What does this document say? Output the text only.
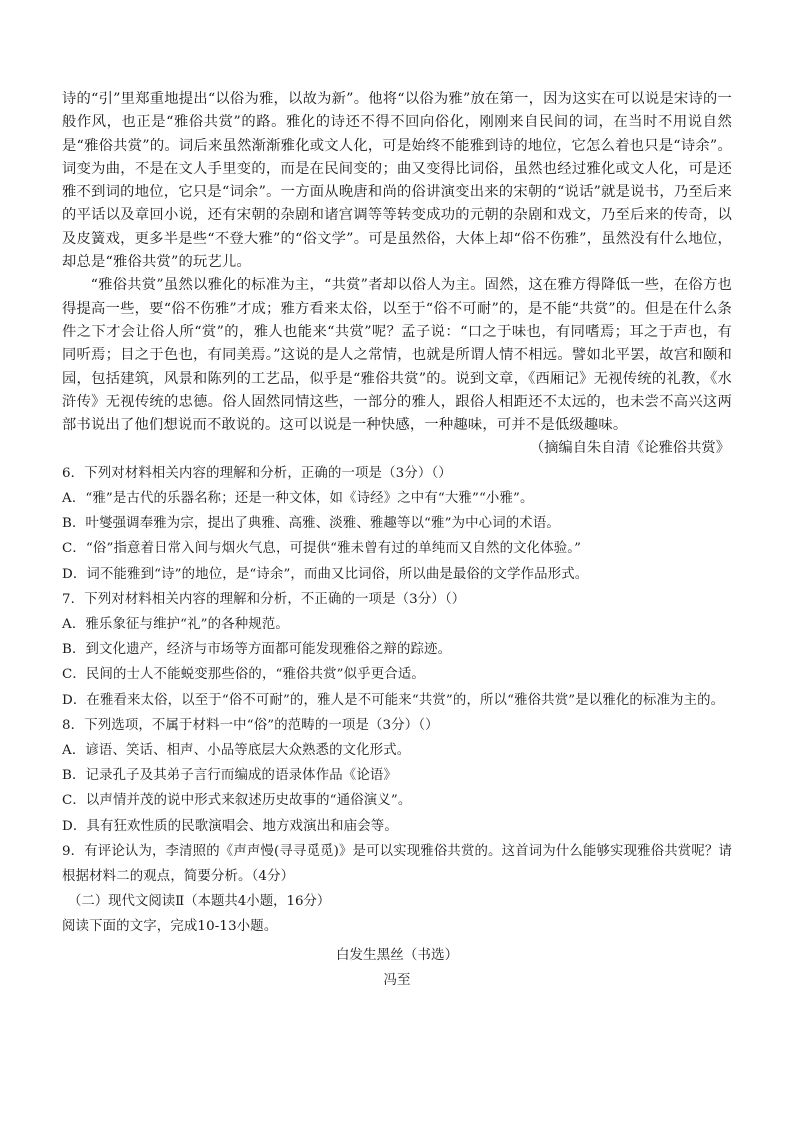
诗的“引”里郑重地提出“以俗为雅，以故为新”。他将“以俗为雅”放在第一，因为这实在可以说是宋诗的一般作风，也正是“雅俗共赏”的路。雅化的诗还不得不回向俗化，刚刚来自民间的词，在当时不用说自然是“雅俗共赏”的。词后来虽然渐渐雅化或文人化，可是始终不能雅到诗的地位，它怎么着也只是“诗余”。词变为曲，不是在文人手里变的，而是在民间变的；曲又变得比词俗，虽然也经过雅化或文人化，可是还雅不到词的地位，它只是“词余”。一方面从晚唐和尚的俗讲演变出来的宋朝的“说话”就是说书，乃至后来的平话以及章回小说，还有宋朝的杂剧和诸宫调等等转变成功的元朝的杂剧和戏文，乃至后来的传奇，以及皮簧戏，更多半是些“不登大雅”的“俗文学”。可是虽然俗，大体上却“俗不伤雅”，虽然没有什么地位，却总是“雅俗共赏”的玩艺儿。

“雅俗共赏”虽然以雅化的标准为主，“共赏”者却以俗人为主。固然，这在雅方得降低一些，在俗方也得提高一些，要“俗不伤雅”才成；雅方看来太俗，以至于“俗不可耐”的，是不能“共赏”的。但是在什么条件之下才会让俗人所“赏”的，雅人也能来“共赏”呢？孟子说：“口之于味也，有同嗜焉；耳之于声也，有同听焉；目之于色也，有同美焉。”这说的是人之常情，也就是所谓人情不相远。譬如北平罢，故宫和颐和园，包括建筑，风景和陈列的工艺品，似乎是“雅俗共赏”的。说到文章，《西厢记》无视传统的礼教，《水浒传》无视传统的忠德。俗人固然同情这些，一部分的雅人，跟俗人相距还不太远的，也未尝不高兴这两部书说出了他们想说而不敢说的。这可以说是一种快感，一种趣味，可并不是低级趣味。

（摘编自朱自清《论雅俗共赏》

6．下列对材料相关内容的理解和分析，正确的一项是（3分）（）

A．“雅”是古代的乐器名称；还是一种文体，如《诗经》之中有“大雅”“小雅”。

B．叶燮强调奉雅为宗，提出了典雅、高雅、淡雅、雅趣等以“雅”为中心词的术语。

C．“俗”指意着日常入间与烟火气息，可提供“雅未曾有过的单纯而又自然的文化体验。”

D．词不能雅到“诗”的地位，是“诗余”，而曲又比词俗，所以曲是最俗的文学作品形式。

7．下列对材料相关内容的理解和分析，不正确的一项是（3分）（）

A．雅乐象征与维护“礼”的各种规范。

B．到文化遗产，经济与市场等方面都可能发现雅俗之辩的踪迹。

C．民间的士人不能蜕变那些俗的，“雅俗共赏”似乎更合适。

D．在雅看来太俗，以至于“俗不可耐”的，雅人是不可能来“共赏”的，所以“雅俗共赏”是以雅化的标准为主的。

8．下列选项，不属于材料一中“俗”的范畴的一项是（3分）（）

A．谚语、笑话、相声、小品等底层大众熟悉的文化形式。

B．记录孔子及其弟子言行而编成的语录体作品《论语》

C．以声情并茂的说中形式来叙述历史故事的“通俗演义”。

D．具有狂欢性质的民歌演唱会、地方戏演出和庙会等。

9．有评论认为，李清照的《声声慢(寻寻觅觅)》是可以实现雅俗共赏的。这首词为什么能够实现雅俗共赏呢？请根据材料二的观点，简要分析。（4分）

（二）现代文阅读Ⅱ（本题共4小题，16分）

阅读下面的文字，完成10-13小题。

白发生黑丝（书选）

冯至
